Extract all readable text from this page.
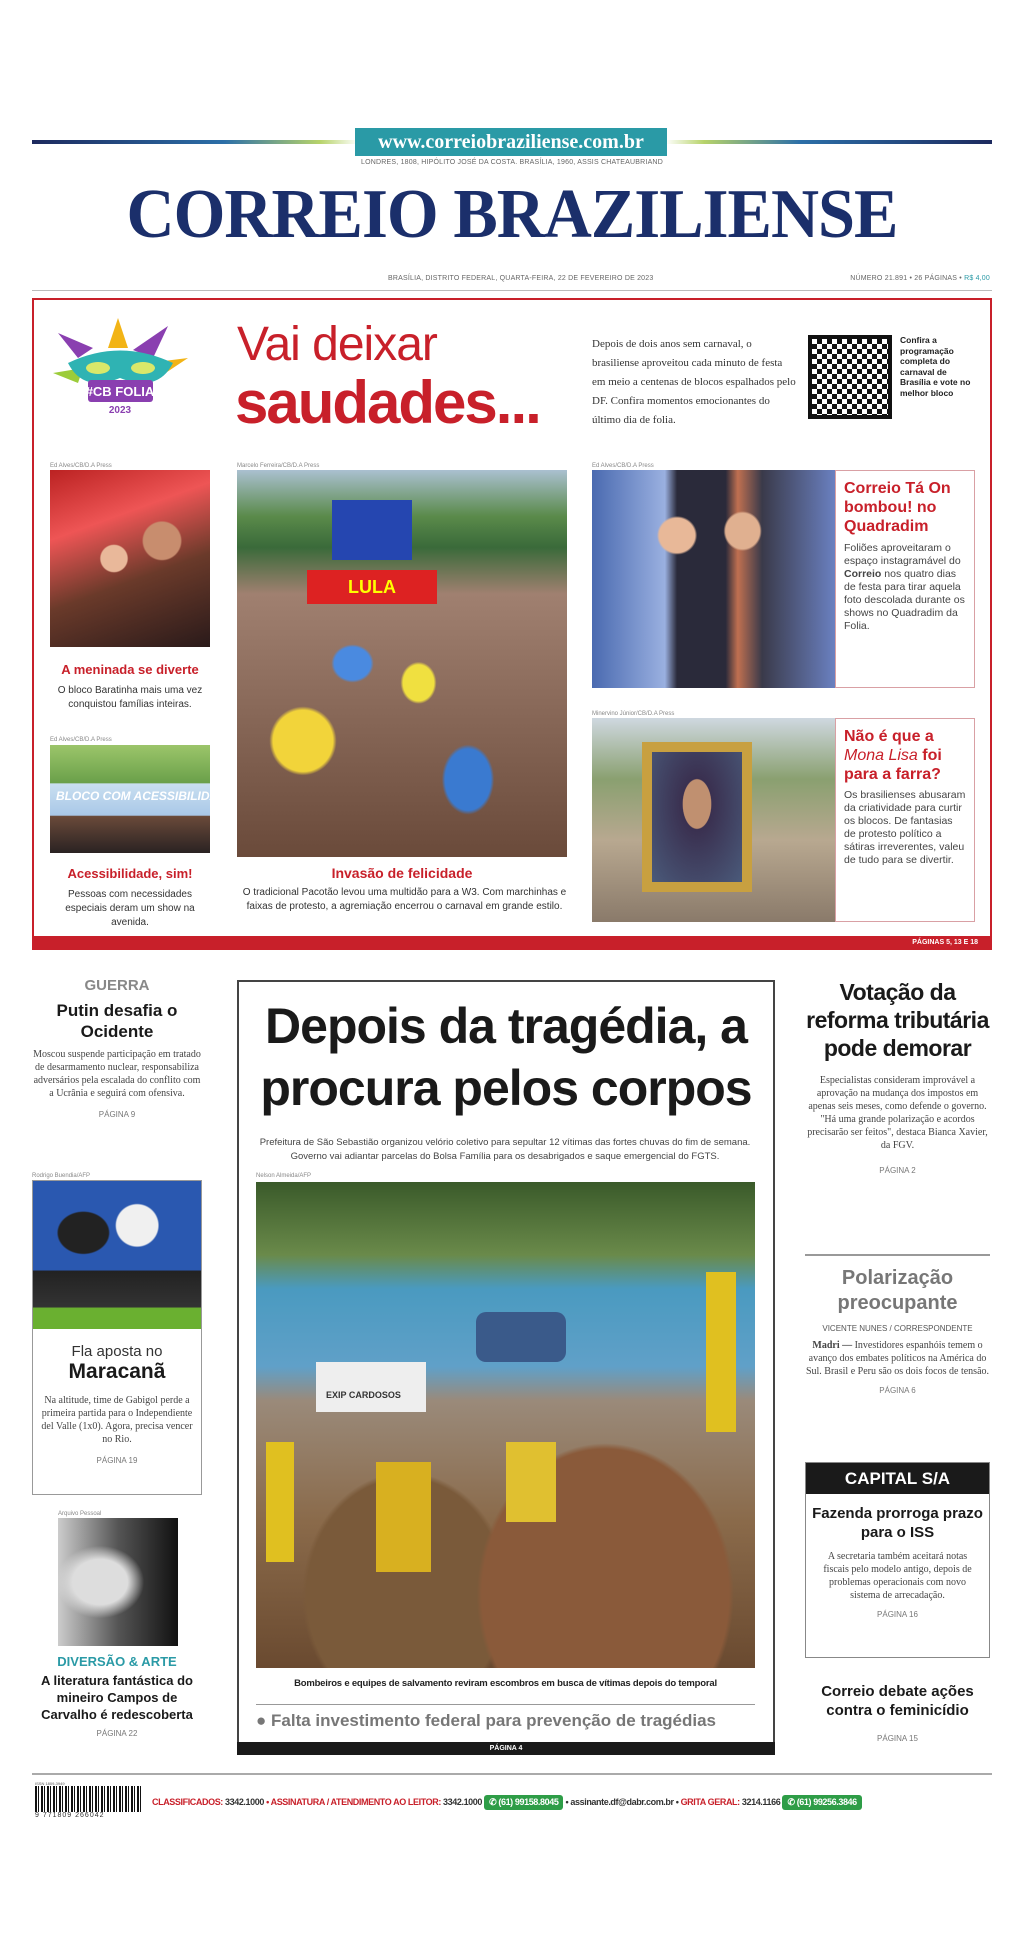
www.correiobraziliense.com.br
LONDRES, 1808, HIPÓLITO JOSÉ DA COSTA. BRASÍLIA, 1960, ASSIS CHATEAUBRIAND
CORREIO BRAZILIENSE
BRASÍLIA, DISTRITO FEDERAL, QUARTA-FEIRA, 22 DE FEVEREIRO DE 2023	NÚMERO 21.891 • 26 PÁGINAS • R$ 4,00
#CB FOLIA
2023
Vai deixar
saudades...
Depois de dois anos sem carnaval, o brasiliense aproveitou cada minuto de festa em meio a centenas de blocos espalhados pelo DF. Confira momentos emocionantes do último dia de folia.
Confira a programação completa do carnaval de Brasília e vote no melhor bloco
Ed Alves/CB/D.A Press
A meninada se diverte
O bloco Baratinha mais uma vez conquistou famílias inteiras.
Ed Alves/CB/D.A Press
BLOCO COM ACESSIBILIDADE
Acessibilidade, sim!
Pessoas com necessidades especiais deram um show na avenida.
Marcelo Ferreira/CB/D.A Press
LULA
Invasão de felicidade
O tradicional Pacotão levou uma multidão para a W3. Com marchinhas e faixas de protesto, a agremiação encerrou o carnaval em grande estilo.
Ed Alves/CB/D.A Press
Correio Tá On bombou! no Quadradim
Foliões aproveitaram o espaço instagramável do Correio nos quatro dias de festa para tirar aquela foto descolada durante os shows no Quadradim da Folia.
Minervino Júnior/CB/D.A Press
Não é que a Mona Lisa foi para a farra?
Os brasilienses abusaram da criatividade para curtir os blocos. De fantasias de protesto político a sátiras irreverentes, valeu de tudo para se divertir.
PÁGINAS 5, 13 E 18
GUERRA
Putin desafia o Ocidente
Moscou suspende participação em tratado de desarmamento nuclear, responsabiliza adversários pela escalada do conflito com a Ucrânia e seguirá com ofensiva.
PÁGINA 9
Rodrigo Buendia/AFP
Fla aposta no
Maracanã
Na altitude, time de Gabigol perde a primeira partida para o Independiente del Valle (1x0). Agora, precisa vencer no Rio.
PÁGINA 19
Arquivo Pessoal
DIVERSÃO & ARTE
A literatura fantástica do mineiro Campos de Carvalho é redescoberta
PÁGINA 22
Depois da tragédia, a procura pelos corpos
Prefeitura de São Sebastião organizou velório coletivo para sepultar 12 vítimas das fortes chuvas do fim de semana. Governo vai adiantar parcelas do Bolsa Família para os desabrigados e saque emergencial do FGTS.
Nelson Almeida/AFP
EXIP CARDOSOS
Bombeiros e equipes de salvamento reviram escombros em busca de vítimas depois do temporal
● Falta investimento federal para prevenção de tragédias
PÁGINA 4
Votação da reforma tributária pode demorar
Especialistas consideram improvável a aprovação na mudança dos impostos em apenas seis meses, como defende o governo. "Há uma grande polarização e acordos precisarão ser feitos", destaca Bianca Xavier, da FGV.
PÁGINA 2
Polarização preocupante
VICENTE NUNES / CORRESPONDENTE
Madri — Investidores espanhóis temem o avanço dos embates políticos na América do Sul. Brasil e Peru são os dois focos de tensão.
PÁGINA 6
CAPITAL S/A
Fazenda prorroga prazo para o ISS
A secretaria também aceitará notas fiscais pelo modelo antigo, depois de problemas operacionais com novo sistema de arrecadação.
PÁGINA 16
Correio debate ações contra o feminicídio
PÁGINA 15
ISSN 1809-3949
9 771809 266042
CLASSIFICADOS: 3342.1000 • ASSINATURA / ATENDIMENTO AO LEITOR: 3342.1000 ✆ (61) 99158.8045 • assinante.df@dabr.com.br • GRITA GERAL: 3214.1166 ✆ (61) 99256.3846
